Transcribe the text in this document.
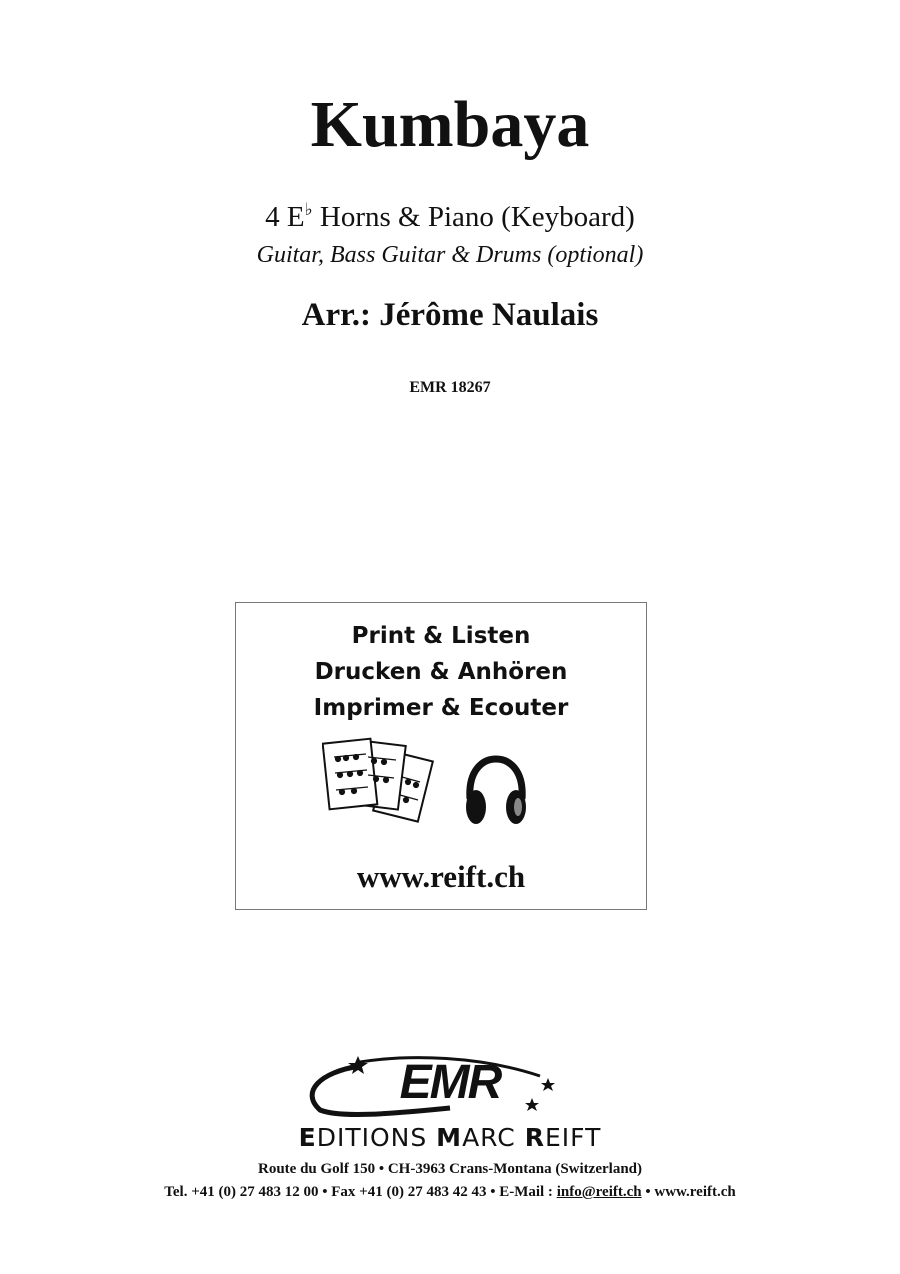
Kumbaya
4 E♭ Horns & Piano (Keyboard)
Guitar, Bass Guitar & Drums (optional)
Arr.: Jérôme Naulais
EMR 18267
Print & Listen
Drucken & Anhören
Imprimer & Ecouter
www.reift.ch
EMR
EDITIONS MARC REIFT
Route du Golf 150 • CH-3963 Crans-Montana (Switzerland)
Tel. +41 (0) 27 483 12 00 • Fax +41 (0) 27 483 42 43 • E-Mail : info@reift.ch • www.reift.ch
